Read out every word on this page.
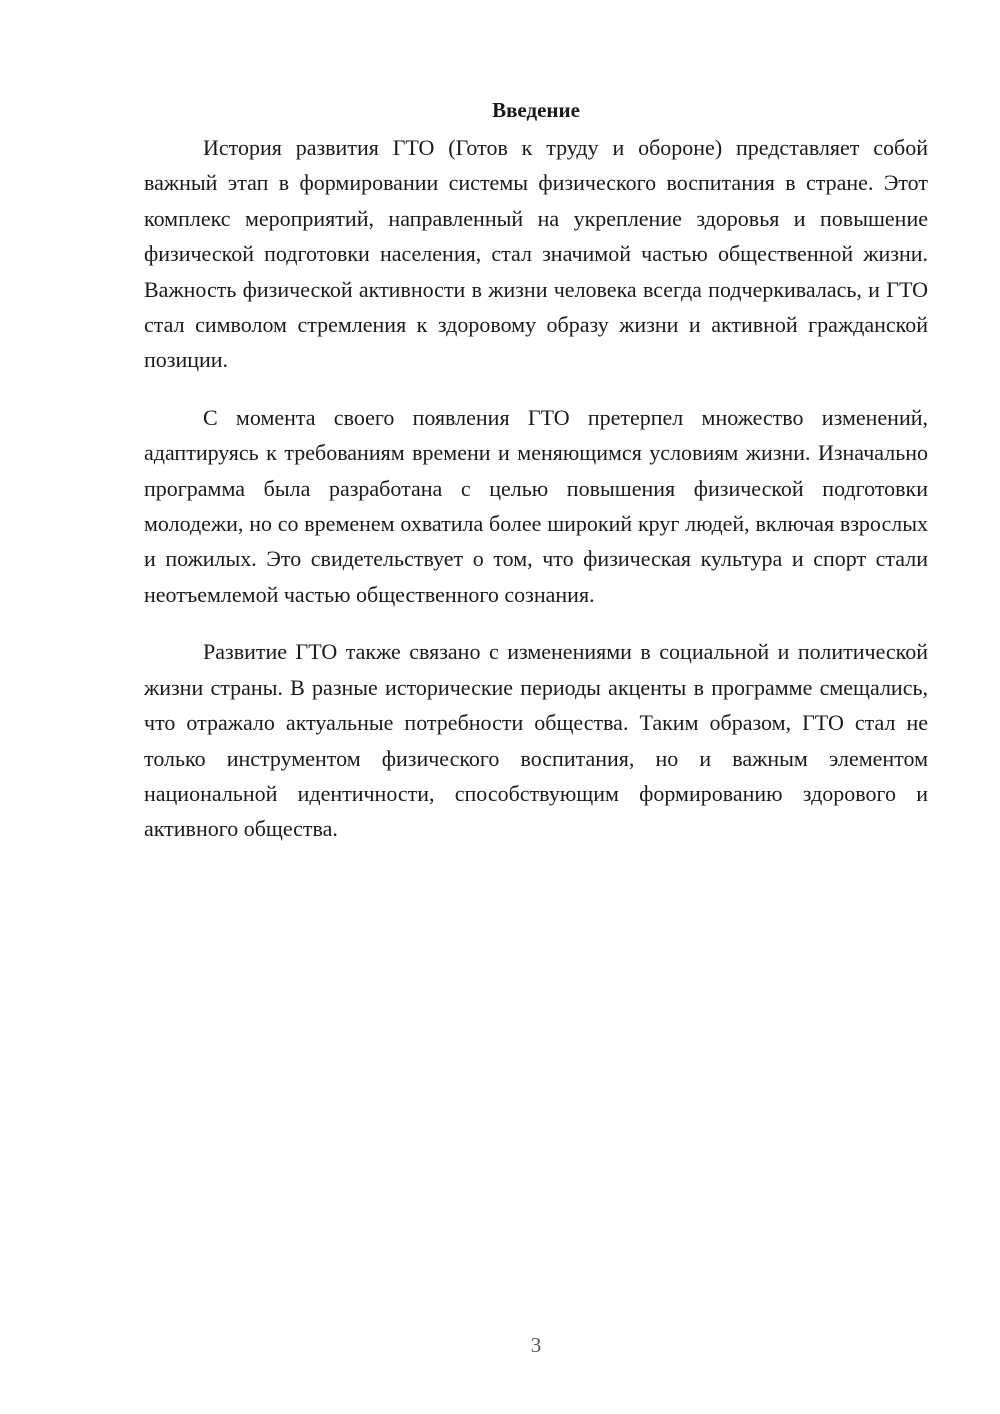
Введение

История развития ГТО (Готов к труду и обороне) представляет собой важный этап в формировании системы физического воспитания в стране. Этот комплекс мероприятий, направленный на укрепление здоровья и повышение физической подготовки населения, стал значимой частью общественной жизни. Важность физической активности в жизни человека всегда подчеркивалась, и ГТО стал символом стремления к здоровому образу жизни и активной гражданской позиции.

С момента своего появления ГТО претерпел множество изменений, адаптируясь к требованиям времени и меняющимся условиям жизни. Изначально программа была разработана с целью повышения физической подготовки молодежи, но со временем охватила более широкий круг людей, включая взрослых и пожилых. Это свидетельствует о том, что физическая культура и спорт стали неотъемлемой частью общественного сознания.

Развитие ГТО также связано с изменениями в социальной и политической жизни страны. В разные исторические периоды акценты в программе смещались, что отражало актуальные потребности общества. Таким образом, ГТО стал не только инструментом физического воспитания, но и важным элементом национальной идентичности, способствующим формированию здорового и активного общества.

3
